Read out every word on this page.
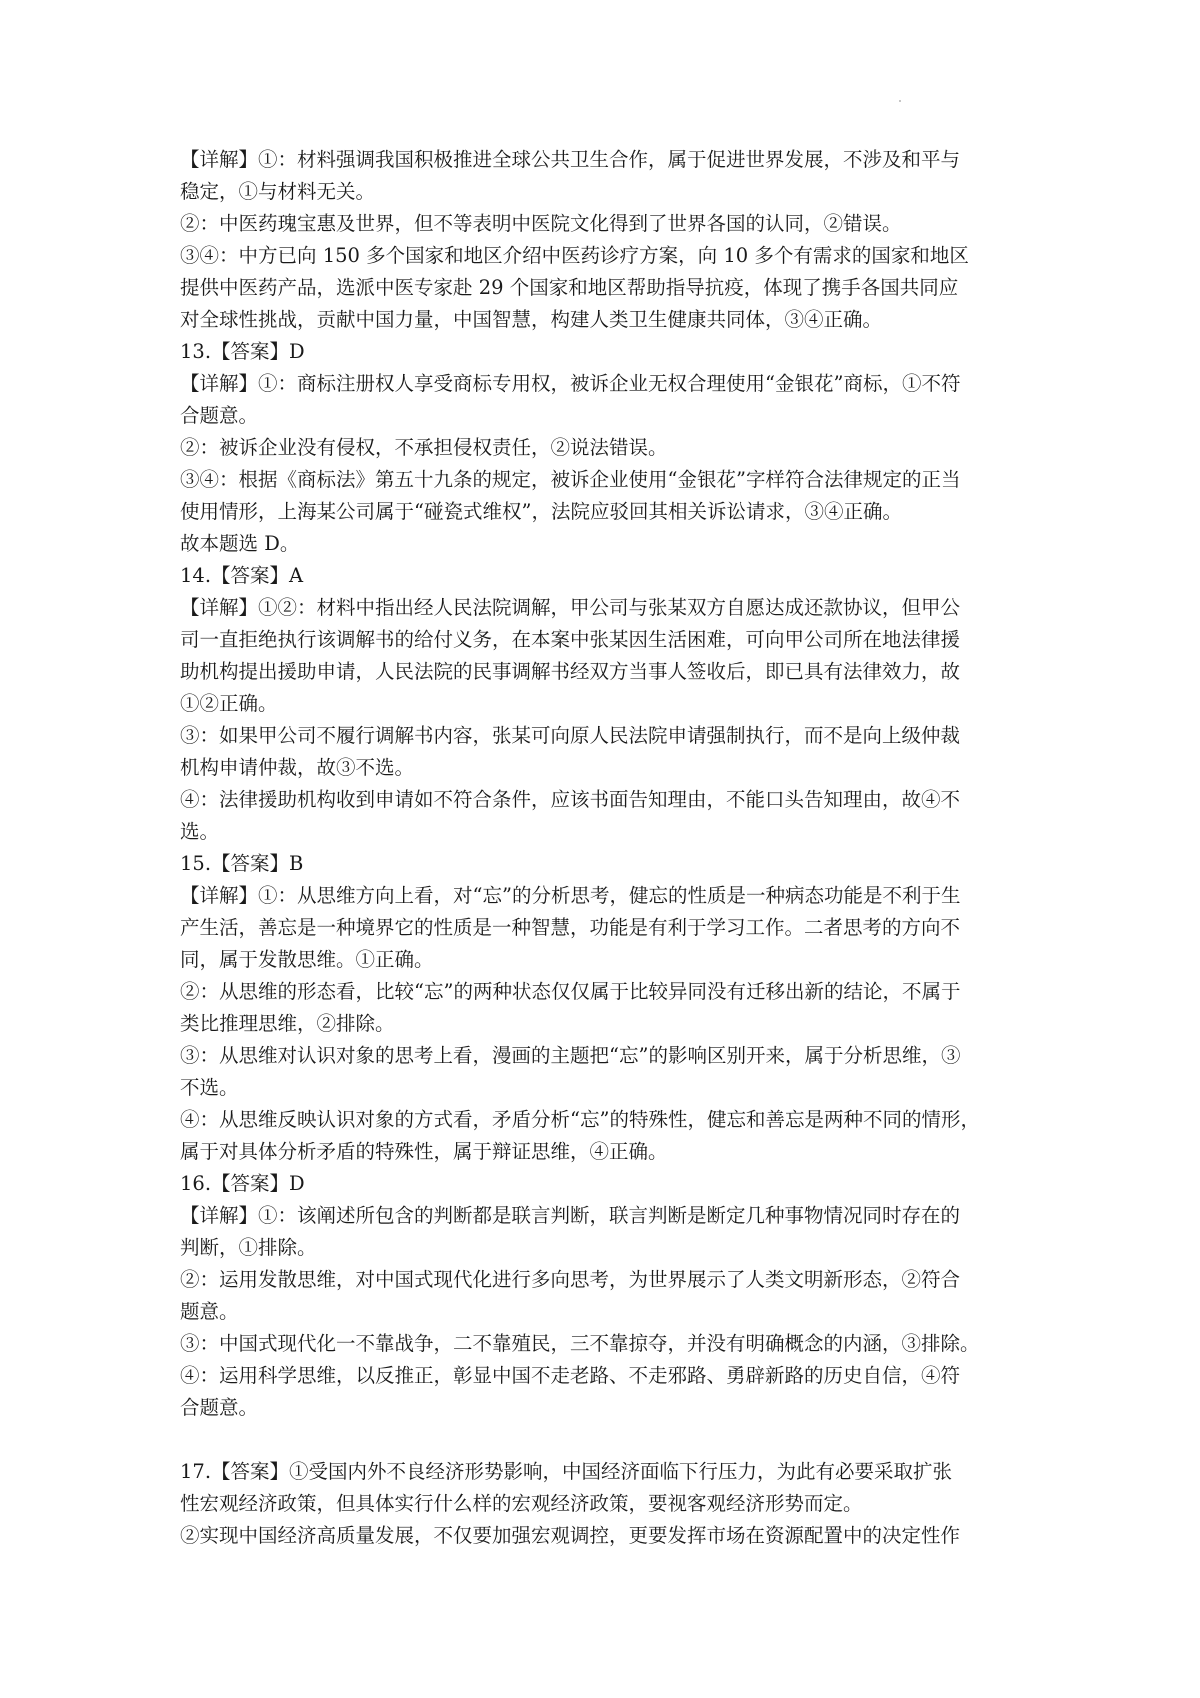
【详解】①：材料强调我国积极推进全球公共卫生合作，属于促进世界发展，不涉及和平与

稳定，①与材料无关。

②：中医药瑰宝惠及世界，但不等表明中医院文化得到了世界各国的认同，②错误。

③④：中方已向 150 多个国家和地区介绍中医药诊疗方案，向 10 多个有需求的国家和地区

提供中医药产品，选派中医专家赴 29 个国家和地区帮助指导抗疫，体现了携手各国共同应

对全球性挑战，贡献中国力量，中国智慧，构建人类卫生健康共同体，③④正确。

13.【答案】D

【详解】①：商标注册权人享受商标专用权，被诉企业无权合理使用“金银花”商标，①不符

合题意。

②：被诉企业没有侵权，不承担侵权责任，②说法错误。

③④：根据《商标法》第五十九条的规定，被诉企业使用“金银花”字样符合法律规定的正当

使用情形，上海某公司属于“碰瓷式维权”，法院应驳回其相关诉讼请求，③④正确。

故本题选 D。

14.【答案】A

【详解】①②：材料中指出经人民法院调解，甲公司与张某双方自愿达成还款协议，但甲公

司一直拒绝执行该调解书的给付义务，在本案中张某因生活困难，可向甲公司所在地法律援

助机构提出援助申请，人民法院的民事调解书经双方当事人签收后，即已具有法律效力，故

①②正确。

③：如果甲公司不履行调解书内容，张某可向原人民法院申请强制执行，而不是向上级仲裁

机构申请仲裁，故③不选。

④：法律援助机构收到申请如不符合条件，应该书面告知理由，不能口头告知理由，故④不

选。

15.【答案】B

【详解】①：从思维方向上看，对“忘”的分析思考，健忘的性质是一种病态功能是不利于生

产生活，善忘是一种境界它的性质是一种智慧，功能是有利于学习工作。二者思考的方向不

同，属于发散思维。①正确。

②：从思维的形态看，比较“忘”的两种状态仅仅属于比较异同没有迁移出新的结论，不属于

类比推理思维，②排除。

③：从思维对认识对象的思考上看，漫画的主题把“忘”的影响区别开来，属于分析思维，③

不选。

④：从思维反映认识对象的方式看，矛盾分析“忘”的特殊性，健忘和善忘是两种不同的情形，

属于对具体分析矛盾的特殊性，属于辩证思维，④正确。

16.【答案】D

【详解】①：该阐述所包含的判断都是联言判断，联言判断是断定几种事物情况同时存在的

判断，①排除。

②：运用发散思维，对中国式现代化进行多向思考，为世界展示了人类文明新形态，②符合

题意。

③：中国式现代化一不靠战争，二不靠殖民，三不靠掠夺，并没有明确概念的内涵，③排除。

④：运用科学思维，以反推正，彰显中国不走老路、不走邪路、勇辟新路的历史自信，④符

合题意。

17.【答案】①受国内外不良经济形势影响，中国经济面临下行压力，为此有必要采取扩张

性宏观经济政策，但具体实行什么样的宏观经济政策，要视客观经济形势而定。

②实现中国经济高质量发展，不仅要加强宏观调控，更要发挥市场在资源配置中的决定性作
